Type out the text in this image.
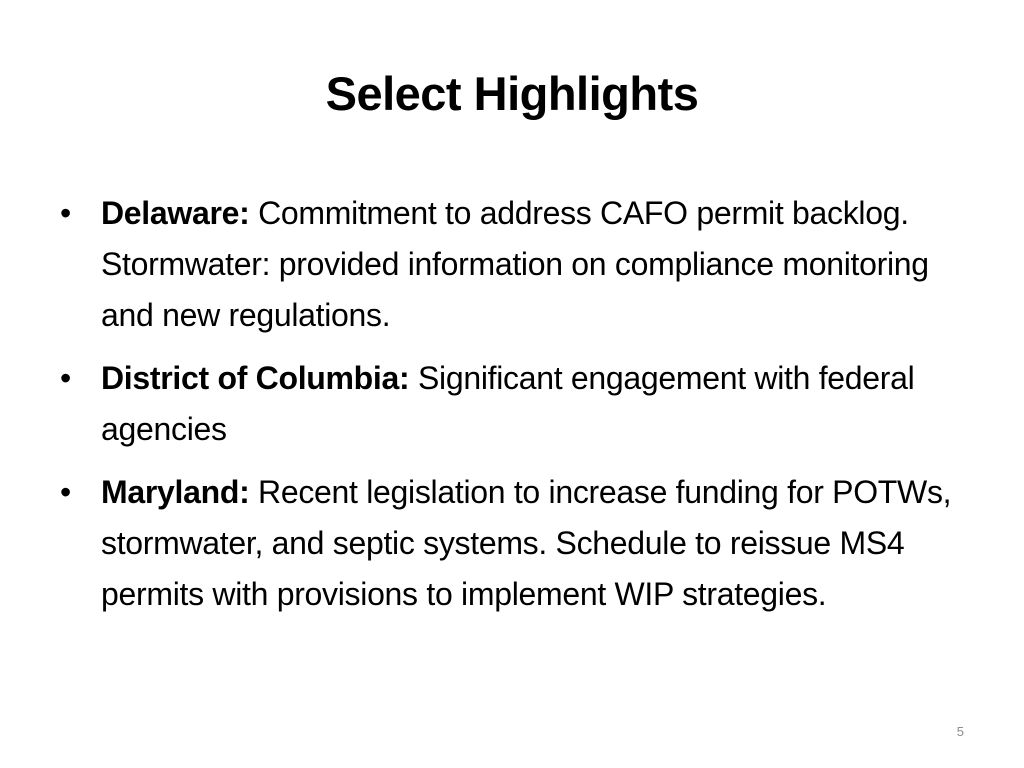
Select Highlights
• Delaware: Commitment to address CAFO permit backlog. Stormwater: provided information on compliance monitoring and new regulations.
• District of Columbia: Significant engagement with federal agencies
• Maryland: Recent legislation to increase funding for POTWs, stormwater, and septic systems. Schedule to reissue MS4 permits with provisions to implement WIP strategies.
5
